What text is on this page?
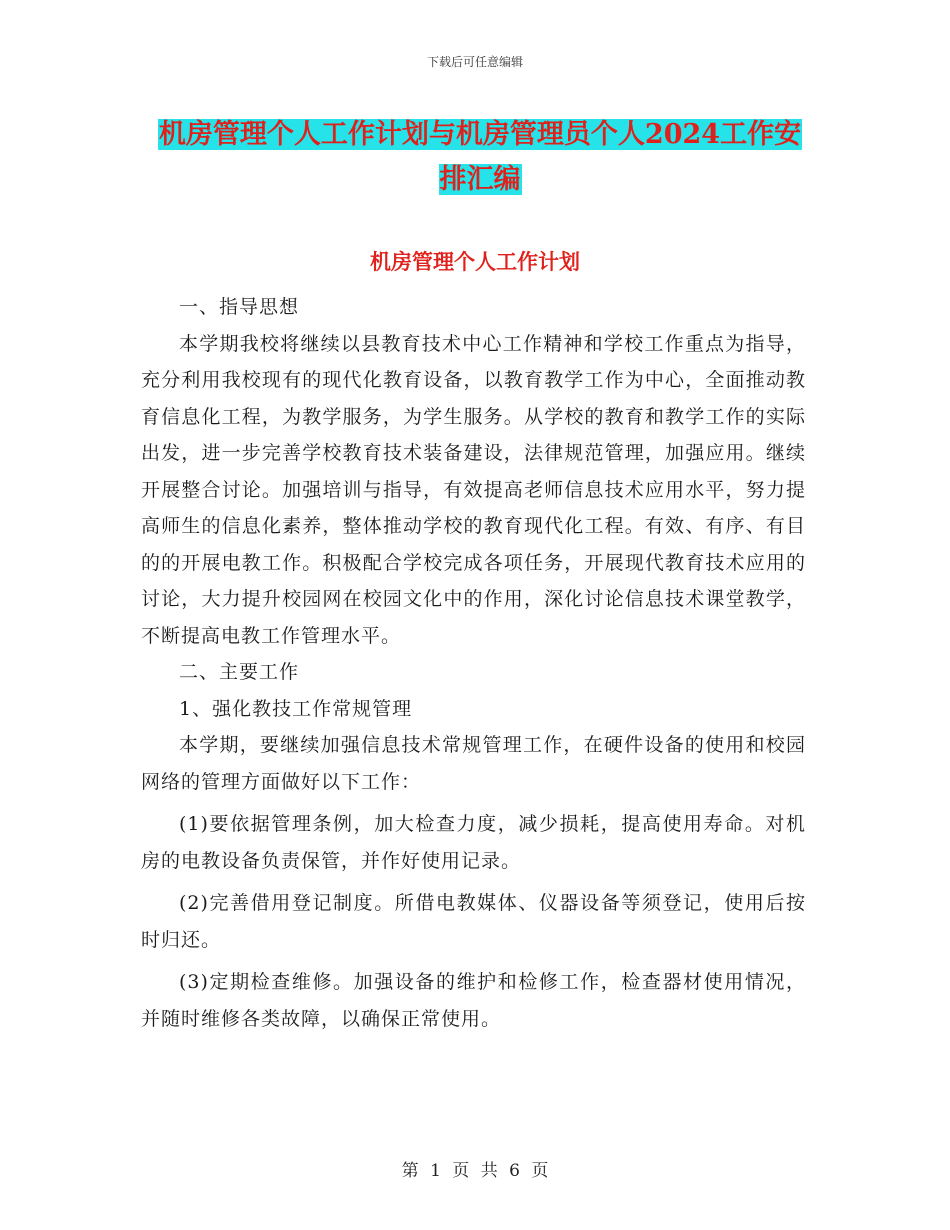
下载后可任意编辑
机房管理个人工作计划与机房管理员个人2024工作安
排汇编
机房管理个人工作计划

一、指导思想

本学期我校将继续以县教育技术中心工作精神和学校工作重点为指导，充分利用我校现有的现代化教育设备，以教育教学工作为中心，全面推动教育信息化工程，为教学服务，为学生服务。从学校的教育和教学工作的实际出发，进一步完善学校教育技术装备建设，法律规范管理，加强应用。继续开展整合讨论。加强培训与指导，有效提高老师信息技术应用水平，努力提高师生的信息化素养，整体推动学校的教育现代化工程。有效、有序、有目的的开展电教工作。积极配合学校完成各项任务，开展现代教育技术应用的讨论，大力提升校园网在校园文化中的作用，深化讨论信息技术课堂教学，不断提高电教工作管理水平。

二、主要工作

1、强化教技工作常规管理

本学期，要继续加强信息技术常规管理工作，在硬件设备的使用和校园网络的管理方面做好以下工作：

(1)要依据管理条例，加大检查力度，减少损耗，提高使用寿命。对机房的电教设备负责保管，并作好使用记录。

(2)完善借用登记制度。所借电教媒体、仪器设备等须登记，使用后按时归还。

(3)定期检查维修。加强设备的维护和检修工作，检查器材使用情况，并随时维修各类故障，以确保正常使用。

第 1 页 共 6 页
